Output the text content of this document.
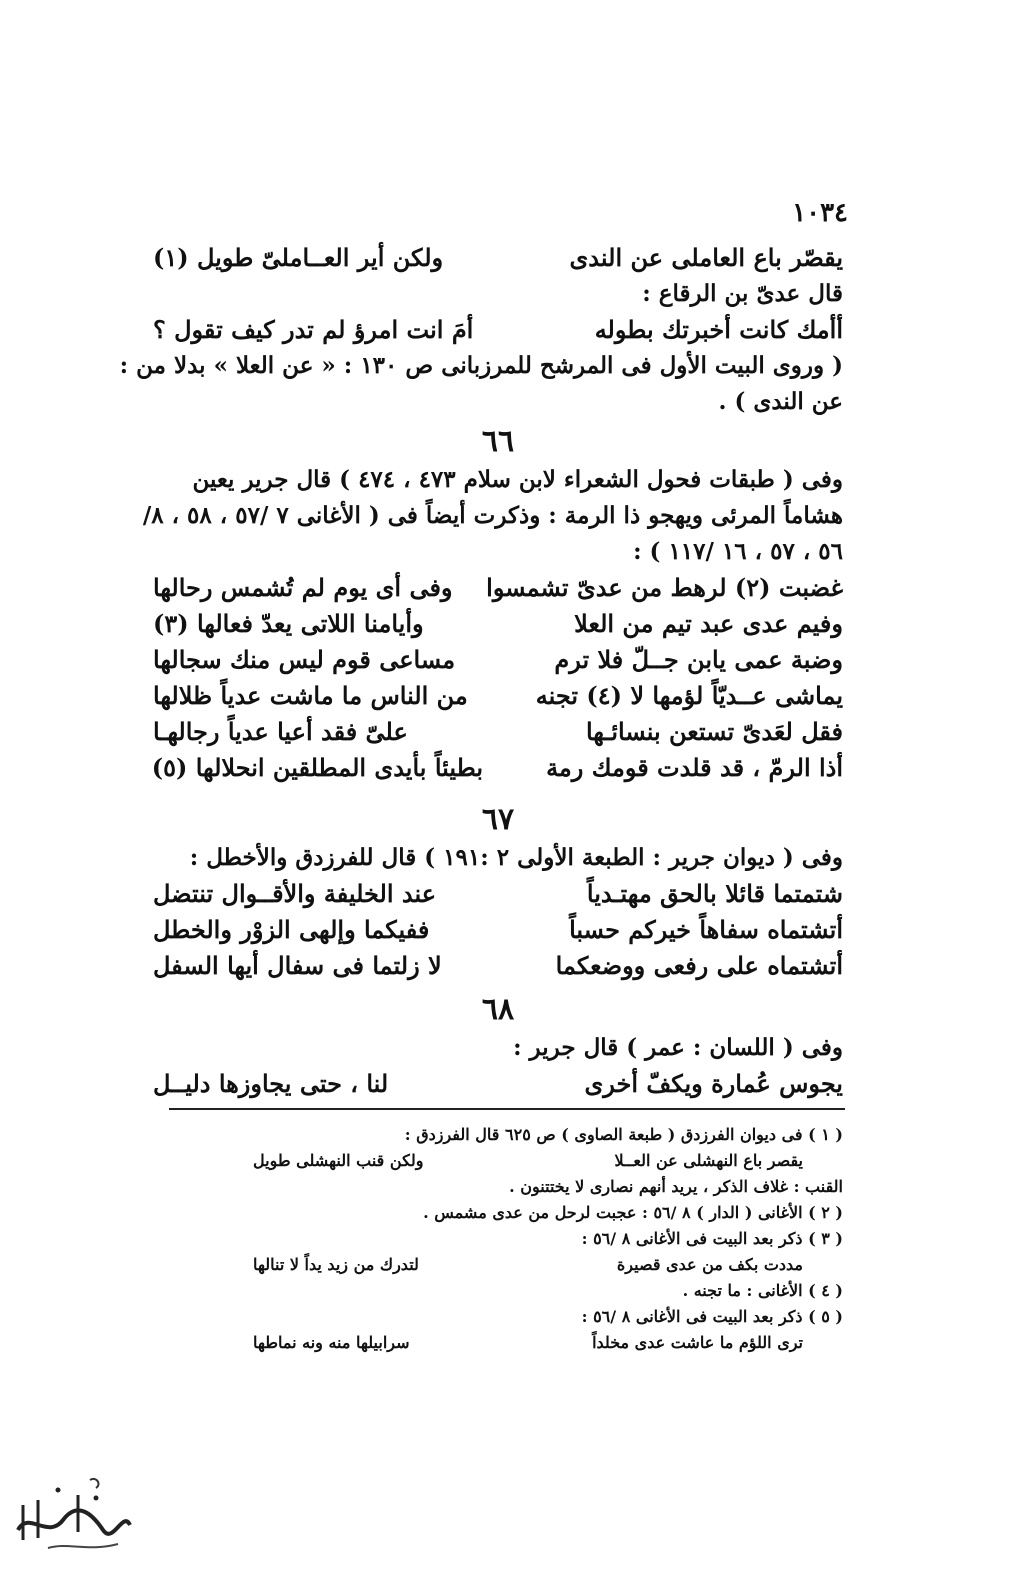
١٠٣٤
يقصّر باع العاملى عن الندى
ولكن أير العــاملىّ طويل (١)
قال عدىّ بن الرقاع :
أأمك كانت أخبرتك بطوله
أمَ انت امرؤ لم تدر كيف تقول ؟
( وروى البيت الأول فى المرشح للمرزبانى ص ١٣٠ : « عن العلا » بدلا من :
عن الندى ) .
٦٦
وفى ( طبقات فحول الشعراء لابن سلام ٤٧٣ ، ٤٧٤ ) قال جرير يعين
هشاماً المرئى ويهجو ذا الرمة : وذكرت أيضاً فى ( الأغانى ٧ /٥٧ ، ٥٨ ، ٨/
٥٦ ، ٥٧ ، ١٦ /١١٧ ) :
غضبت (٢) لرهط من عدىّ تشمسوا
وفى أى يوم لم تُشمس رحالها
وفيم عدى عبد تيم من العلا
وأيامنا اللاتى يعدّ فعالها (٣)
وضبة عمى يابن جــلّ فلا ترم
مساعى قوم ليس منك سجالها
يماشى عــديّاً لؤمها لا (٤) تجنه
من الناس ما ماشت عدياً ظلالها
فقل لعَدىّ تستعن بنسائـها
علىّ فقد أعيا عدياً رجالهـا
أذا الرمّ ، قد قلدت قومك رمة
بطيئاً بأيدى المطلقين انحلالها (٥)
٦٧
وفى ( ديوان جرير : الطبعة الأولى ٢ :١٩١ ) قال للفرزدق والأخطل :
شتمتما قائلا بالحق مهتـدياً
عند الخليفة والأقــوال تنتضل
أتشتماه سفاهاً خيركم حسباً
ففيكما وإلهى الزوْر والخطل
أتشتماه على رفعى ووضعكما
لا زلتما فى سفال أيها السفل
٦٨
وفى ( اللسان : عمر ) قال جرير :
يجوس عُمارة ويكفّ أخرى
لنا ، حتى يجاوزها دليــل
( ١ ) فى ديوان الفرزدق ( طبعة الصاوى ) ص ٦٢٥ قال الفرزدق :
يقصر باع النهشلى عن العــلا
ولكن قنب النهشلى طويل
القنب : غلاف الذكر ، يريد أنهم نصارى لا يختتنون .
( ٢ ) الأغانى ( الدار ) ٨ /٥٦ : عجبت لرحل من عدى مشمس .
( ٣ ) ذكر بعد البيت فى الأغانى ٨ /٥٦ :
مددت بكف من عدى قصيرة
لتدرك من زيد يداً لا تنالها
( ٤ ) الأغانى : ما تجنه .
( ٥ ) ذكر بعد البيت فى الأغانى ٨ /٥٦ :
ترى اللؤم ما عاشت عدى مخلداً
سرابيلها منه ونه نماطها
